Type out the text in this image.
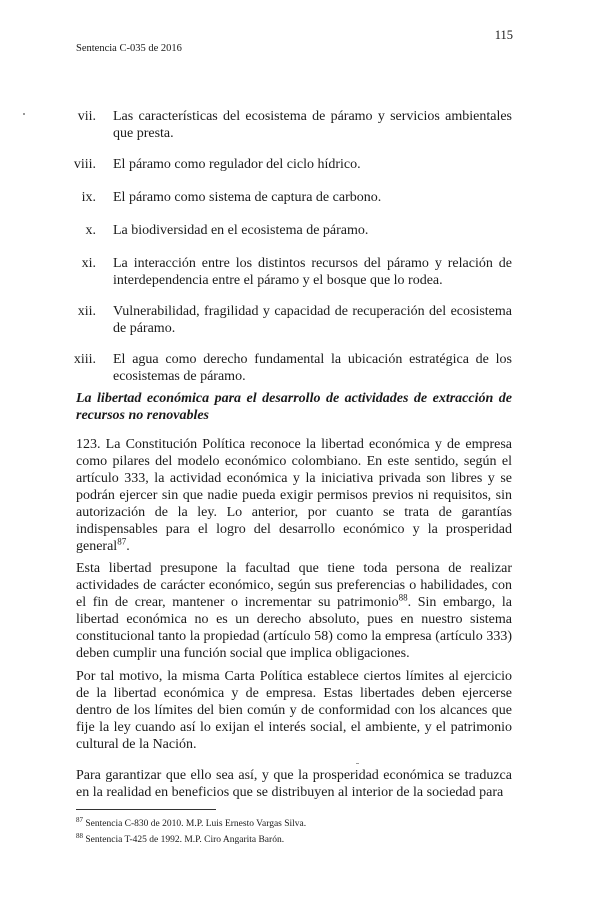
Sentencia C-035 de 2016
115
vii. Las características del ecosistema de páramo y servicios ambientales que presta.
viii. El páramo como regulador del ciclo hídrico.
ix. El páramo como sistema de captura de carbono.
x. La biodiversidad en el ecosistema de páramo.
xi. La interacción entre los distintos recursos del páramo y relación de interdependencia entre el páramo y el bosque que lo rodea.
xii. Vulnerabilidad, fragilidad y capacidad de recuperación del ecosistema de páramo.
xiii. El agua como derecho fundamental la ubicación estratégica de los ecosistemas de páramo.
La libertad económica para el desarrollo de actividades de extracción de recursos no renovables

123. La Constitución Política reconoce la libertad económica y de empresa como pilares del modelo económico colombiano. En este sentido, según el artículo 333, la actividad económica y la iniciativa privada son libres y se podrán ejercer sin que nadie pueda exigir permisos previos ni requisitos, sin autorización de la ley. Lo anterior, por cuanto se trata de garantías indispensables para el logro del desarrollo económico y la prosperidad general$^{87}$.

Esta libertad presupone la facultad que tiene toda persona de realizar actividades de carácter económico, según sus preferencias o habilidades, con el fin de crear, mantener o incrementar su patrimonio$^{88}$. Sin embargo, la libertad económica no es un derecho absoluto, pues en nuestro sistema constitucional tanto la propiedad (artículo 58) como la empresa (artículo 333) deben cumplir una función social que implica obligaciones.

Por tal motivo, la misma Carta Política establece ciertos límites al ejercicio de la libertad económica y de empresa. Estas libertades deben ejercerse dentro de los límites del bien común y de conformidad con los alcances que fije la ley cuando así lo exijan el interés social, el ambiente, y el patrimonio cultural de la Nación.

Para garantizar que ello sea así, y que la prosperidad económica se traduzca en la realidad en beneficios que se distribuyen al interior de la sociedad para

$^{87}$ Sentencia C-830 de 2010. M.P. Luis Ernesto Vargas Silva.
$^{88}$ Sentencia T-425 de 1992. M.P. Ciro Angarita Barón.
